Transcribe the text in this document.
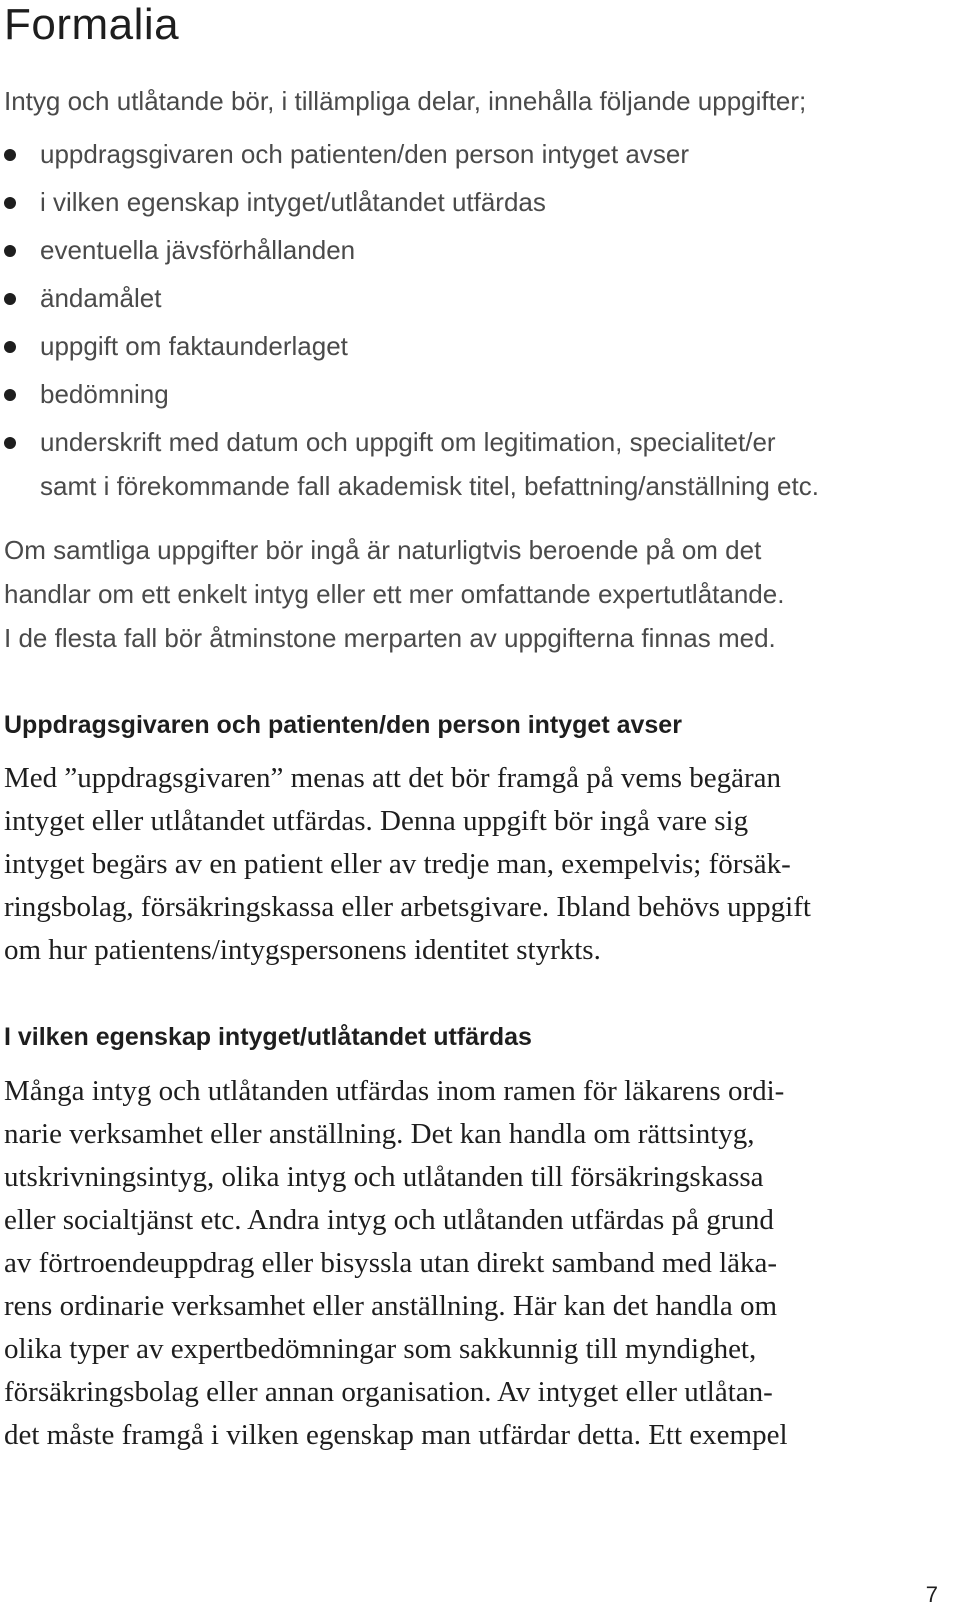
Formalia
Intyg och utlåtande bör, i tillämpliga delar, innehålla följande uppgifter;
uppdragsgivaren och patienten/den person intyget avser
i vilken egenskap intyget/utlåtandet utfärdas
eventuella jävsförhållanden
ändamålet
uppgift om faktaunderlaget
bedömning
underskrift med datum och uppgift om legitimation, specialitet/er
samt i förekommande fall akademisk titel, befattning/anställning etc.
Om samtliga uppgifter bör ingå är naturligtvis beroende på om det
handlar om ett enkelt intyg eller ett mer omfattande expertutlåtande.
I de flesta fall bör åtminstone merparten av uppgifterna finnas med.
Uppdragsgivaren och patienten/den person intyget avser
Med ”uppdragsgivaren” menas att det bör framgå på vems begäran
intyget eller utlåtandet utfärdas. Denna uppgift bör ingå vare sig
intyget begärs av en patient eller av tredje man, exempelvis; försäk-
ringsbolag, försäkringskassa eller arbetsgivare. Ibland behövs uppgift
om hur patientens/intygspersonens identitet styrkts.
I vilken egenskap intyget/utlåtandet utfärdas
Många intyg och utlåtanden utfärdas inom ramen för läkarens ordi-
narie verksamhet eller anställning. Det kan handla om rättsintyg,
utskrivningsintyg, olika intyg och utlåtanden till försäkringskassa
eller socialtjänst etc. Andra intyg och utlåtanden utfärdas på grund
av förtroendeuppdrag eller bisyssla utan direkt samband med läka-
rens ordinarie verksamhet eller anställning. Här kan det handla om
olika typer av expertbedömningar som sakkunnig till myndighet,
försäkringsbolag eller annan organisation. Av intyget eller utlåtan-
det måste framgå i vilken egenskap man utfärdar detta. Ett exempel
7
